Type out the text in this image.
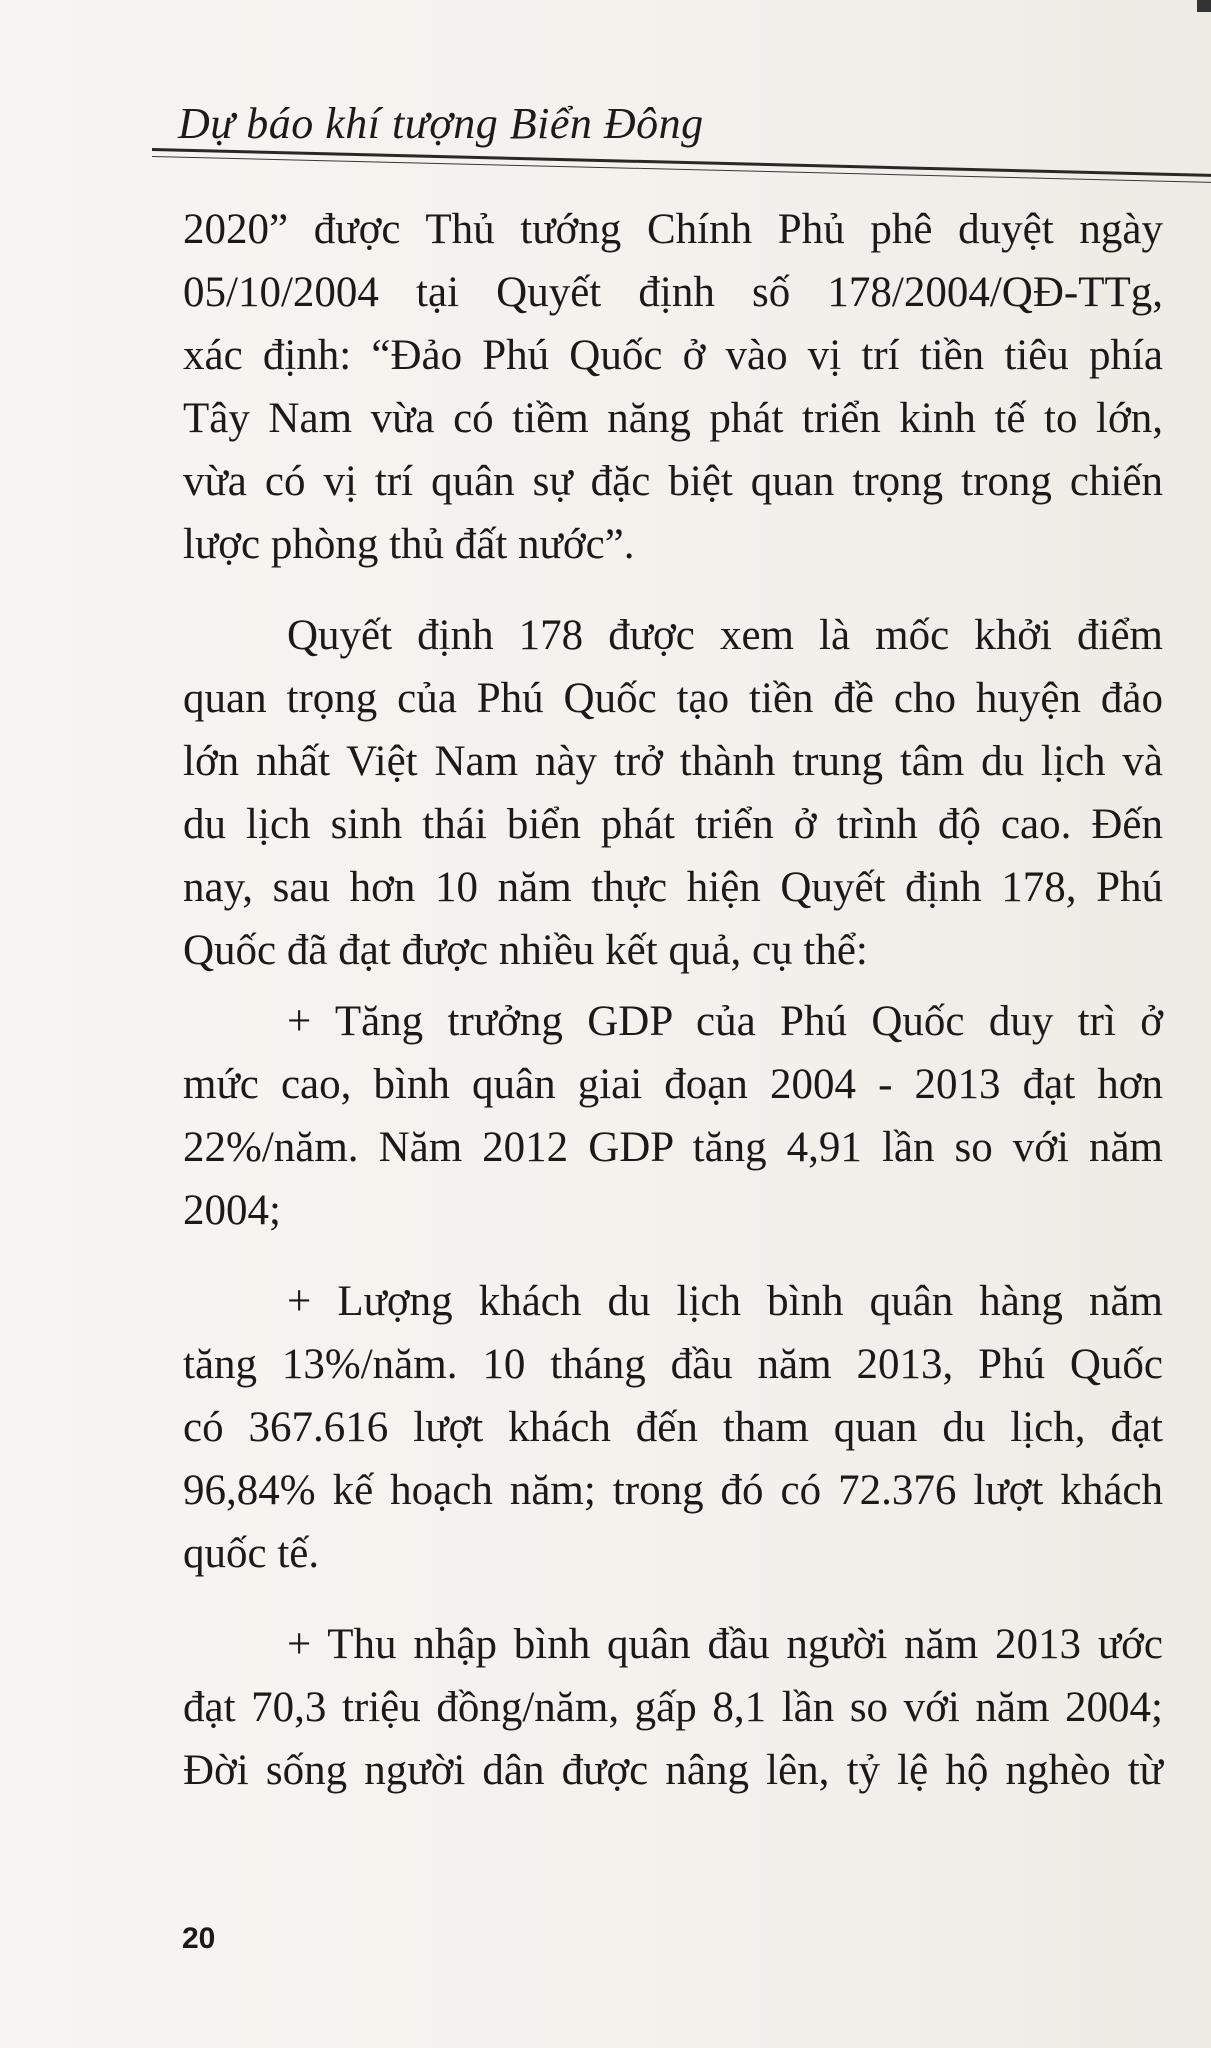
Dự báo khí tượng Biển Đông
2020” được Thủ tướng Chính Phủ phê duyệt ngày
05/10/2004 tại Quyết định số 178/2004/QĐ-TTg,
xác định: “Đảo Phú Quốc ở vào vị trí tiền tiêu phía
Tây Nam vừa có tiềm năng phát triển kinh tế to lớn,
vừa có vị trí quân sự đặc biệt quan trọng trong chiến
lược phòng thủ đất nước”.
Quyết định 178 được xem là mốc khởi điểm
quan trọng của Phú Quốc tạo tiền đề cho huyện đảo
lớn nhất Việt Nam này trở thành trung tâm du lịch và
du lịch sinh thái biển phát triển ở trình độ cao. Đến
nay, sau hơn 10 năm thực hiện Quyết định 178, Phú
Quốc đã đạt được nhiều kết quả, cụ thể:
+ Tăng trưởng GDP của Phú Quốc duy trì ở
mức cao, bình quân giai đoạn 2004 - 2013 đạt hơn
22%/năm. Năm 2012 GDP tăng 4,91 lần so với năm
2004;
+ Lượng khách du lịch bình quân hàng năm
tăng 13%/năm. 10 tháng đầu năm 2013, Phú Quốc
có 367.616 lượt khách đến tham quan du lịch, đạt
96,84% kế hoạch năm; trong đó có 72.376 lượt khách
quốc tế.
+ Thu nhập bình quân đầu người năm 2013 ước
đạt 70,3 triệu đồng/năm, gấp 8,1 lần so với năm 2004;
Đời sống người dân được nâng lên, tỷ lệ hộ nghèo từ
20
